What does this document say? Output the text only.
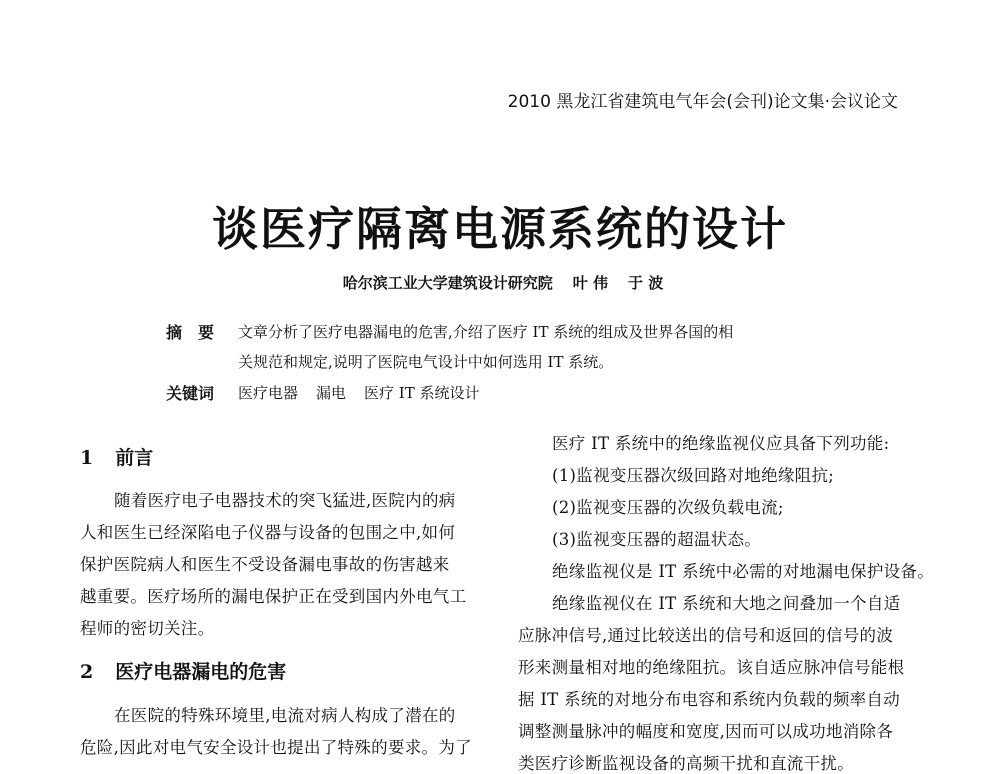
2010 黑龙江省建筑电气年会(会刊)论文集·会议论文
谈医疗隔离电源系统的设计
哈尔滨工业大学建筑设计研究院 叶 伟 于 波
摘　要 文章分析了医疗电器漏电的危害,介绍了医疗 IT 系统的组成及世界各国的相
关规范和规定,说明了医院电气设计中如何选用 IT 系统。
关键词 医疗电器 漏电 医疗 IT 系统设计
1 前言
随着医疗电子电器技术的突飞猛进,医院内的病
人和医生已经深陷电子仪器与设备的包围之中,如何
保护医院病人和医生不受设备漏电事故的伤害越来
越重要。医疗场所的漏电保护正在受到国内外电气工
程师的密切关注。
2 医疗电器漏电的危害
在医院的特殊环境里,电流对病人构成了潜在的
危险,因此对电气安全设计也提出了特殊的要求。为了
医疗 IT 系统中的绝缘监视仪应具备下列功能:
(1)监视变压器次级回路对地绝缘阻抗;
(2)监视变压器的次级负载电流;
(3)监视变压器的超温状态。
绝缘监视仪是 IT 系统中必需的对地漏电保护设备。
绝缘监视仪在 IT 系统和大地之间叠加一个自适
应脉冲信号,通过比较送出的信号和返回的信号的波
形来测量相对地的绝缘阻抗。该自适应脉冲信号能根
据 IT 系统的对地分布电容和系统内负载的频率自动
调整测量脉冲的幅度和宽度,因而可以成功地消除各
类医疗诊断监视设备的高频干扰和直流干扰。
